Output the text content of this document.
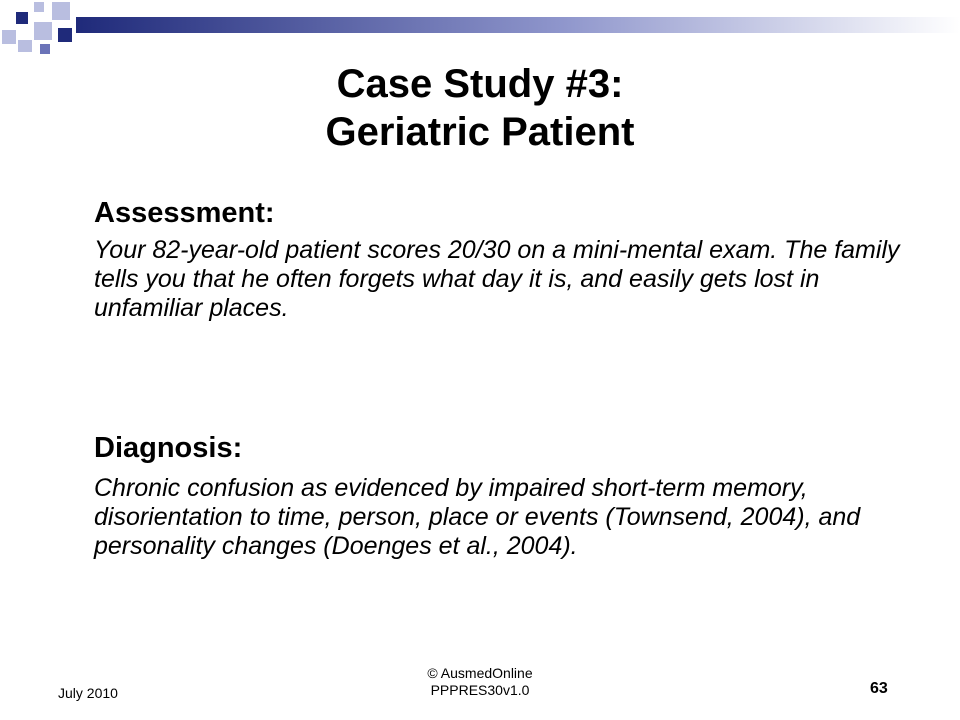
Case Study #3:
Geriatric Patient
Assessment:
Your 82-year-old patient scores 20/30 on a mini-mental exam. The family tells you that he often forgets what day it is, and easily gets lost in unfamiliar places.
Diagnosis:
Chronic confusion as evidenced by impaired short-term memory, disorientation to time, person, place or events (Townsend, 2004), and personality changes (Doenges et al., 2004).
July 2010
© AusmedOnline
PPPRES30v1.0	63
